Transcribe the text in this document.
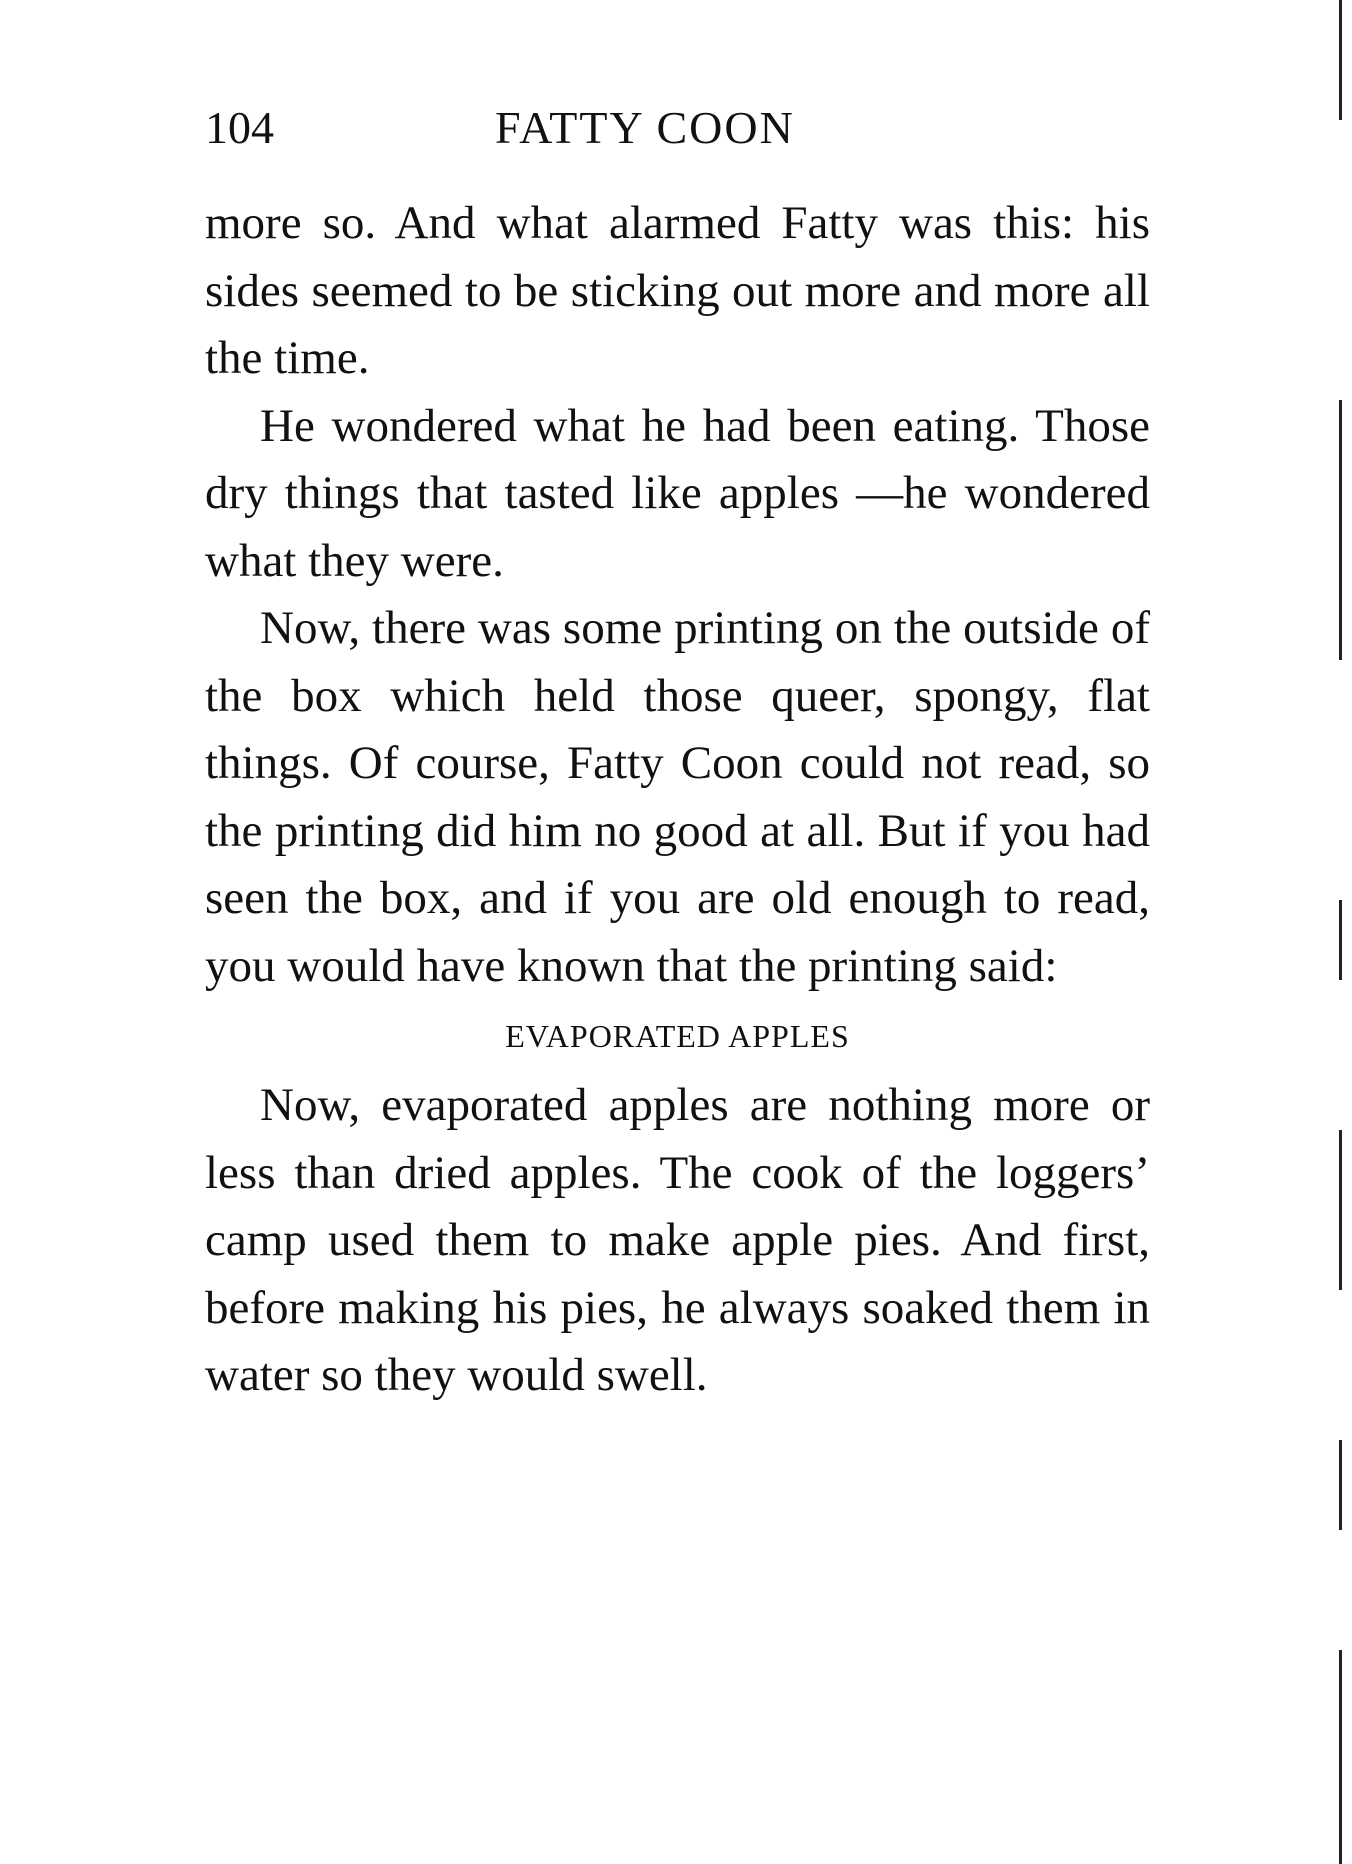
104	FATTY COON

more so. And what alarmed Fatty was this: his sides seemed to be sticking out more and more all the time.

He wondered what he had been eating. Those dry things that tasted like apples —he wondered what they were.

Now, there was some printing on the outside of the box which held those queer, spongy, flat things. Of course, Fatty Coon could not read, so the printing did him no good at all. But if you had seen the box, and if you are old enough to read, you would have known that the printing said:

EVAPORATED APPLES

Now, evaporated apples are nothing more or less than dried apples. The cook of the loggers’ camp used them to make apple pies. And first, before making his pies, he always soaked them in water so they would swell.
